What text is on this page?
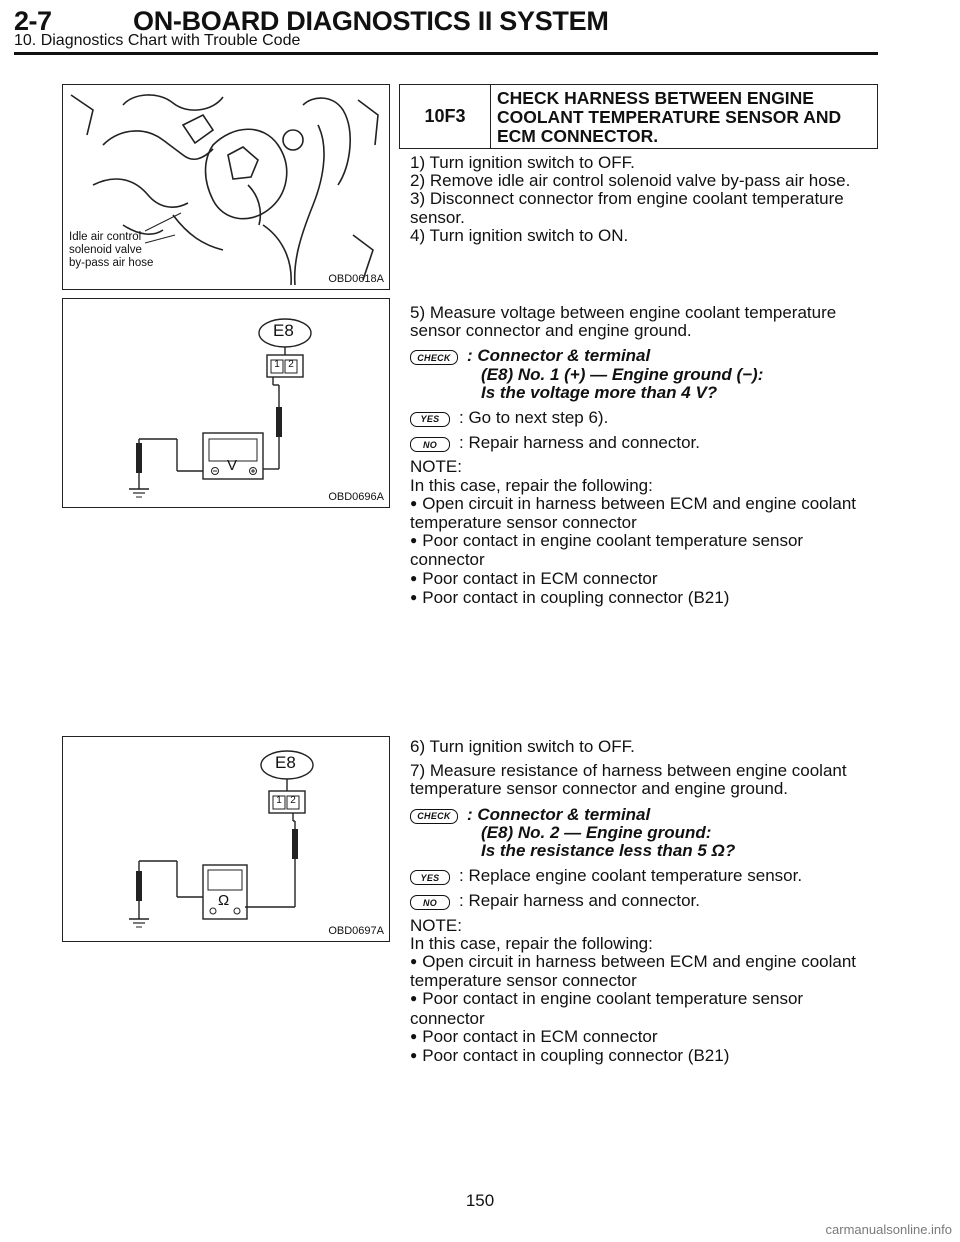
2-7	ON-BOARD DIAGNOSTICS II SYSTEM
10. Diagnostics Chart with Trouble Code
Idle air control
solenoid valve
by-pass air hose
OBD0618A
10F3
CHECK HARNESS BETWEEN ENGINE COOLANT TEMPERATURE SENSOR AND ECM CONNECTOR.

1) Turn ignition switch to OFF.

2) Remove idle air control solenoid valve by-pass air hose.

3) Disconnect connector from engine coolant temperature sensor.

4) Turn ignition switch to ON.

E8
1 2
V
OBD0696A

5) Measure voltage between engine coolant temperature sensor connector and engine ground.

CHECK : Connector & terminal
(E8) No. 1 (+) — Engine ground (−):
Is the voltage more than 4 V?
YES	: Go to next step 6).
NO	: Repair harness and connector.

NOTE:

In this case, repair the following:

● Open circuit in harness between ECM and engine coolant temperature sensor connector

● Poor contact in engine coolant temperature sensor connector

● Poor contact in ECM connector

● Poor contact in coupling connector (B21)

E8
1 2
Ω
OBD0697A

6) Turn ignition switch to OFF.

7) Measure resistance of harness between engine coolant temperature sensor connector and engine ground.

CHECK : Connector & terminal
(E8) No. 2 — Engine ground:
Is the resistance less than 5 Ω?
YES	: Replace engine coolant temperature sensor.
NO	: Repair harness and connector.

NOTE:

In this case, repair the following:

● Open circuit in harness between ECM and engine coolant temperature sensor connector

● Poor contact in engine coolant temperature sensor connector

● Poor contact in ECM connector

● Poor contact in coupling connector (B21)

150
carmanualsonline.info
